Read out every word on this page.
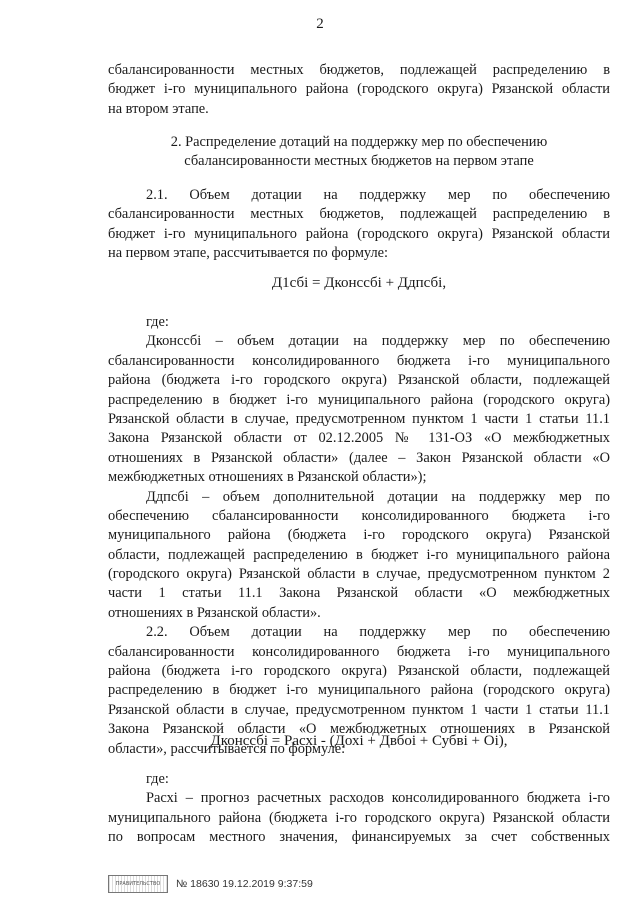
2
сбалансированности местных бюджетов, подлежащей распределению в
бюджет i-го муниципального района (городского округа) Рязанской области
на втором этапе.
2. Распределение дотаций на поддержку мер по обеспечению
сбалансированности местных бюджетов на первом этапе
2.1. Объем дотации на поддержку мер по обеспечению
сбалансированности местных бюджетов, подлежащей распределению в
бюджет i-го муниципального района (городского округа) Рязанской области
на первом этапе, рассчитывается по формуле:
Д1сбi = Дконссбi + Ддпсбi,
где:
Дконссбi – объем дотации на поддержку мер по обеспечению
сбалансированности консолидированного бюджета i-го муниципального
района (бюджета i-го городского округа) Рязанской области, подлежащей
распределению в бюджет i-го муниципального района (городского округа)
Рязанской области в случае, предусмотренном пунктом 1 части 1 статьи 11.1
Закона Рязанской области от 02.12.2005 № 131-ОЗ «О межбюджетных
отношениях в Рязанской области» (далее – Закон Рязанской области «О
межбюджетных отношениях в Рязанской области»);
Ддпсбi – объем дополнительной дотации на поддержку мер по
обеспечению сбалансированности консолидированного бюджета i-го
муниципального района (бюджета i-го городского округа) Рязанской
области, подлежащей распределению в бюджет i-го муниципального района
(городского округа) Рязанской области в случае, предусмотренном пунктом 2
части 1 статьи 11.1 Закона Рязанской области «О межбюджетных
отношениях в Рязанской области».
2.2. Объем дотации на поддержку мер по обеспечению
сбалансированности консолидированного бюджета i-го муниципального
района (бюджета i-го городского округа) Рязанской области, подлежащей
распределению в бюджет i-го муниципального района (городского округа)
Рязанской области в случае, предусмотренном пунктом 1 части 1 статьи 11.1
Закона Рязанской области «О межбюджетных отношениях в Рязанской
области», рассчитывается по формуле:
Дконссбi = Расхi - (Дохi + Двбоi + Субвi + Оi),
где:
Расхi – прогноз расчетных расходов консолидированного бюджета i-го
муниципального района (бюджета i-го городского округа) Рязанской области
по вопросам местного значения, финансируемых за счет собственных
ПРАВИТЕЛЬСТВО № 18630 19.12.2019 9:37:59
